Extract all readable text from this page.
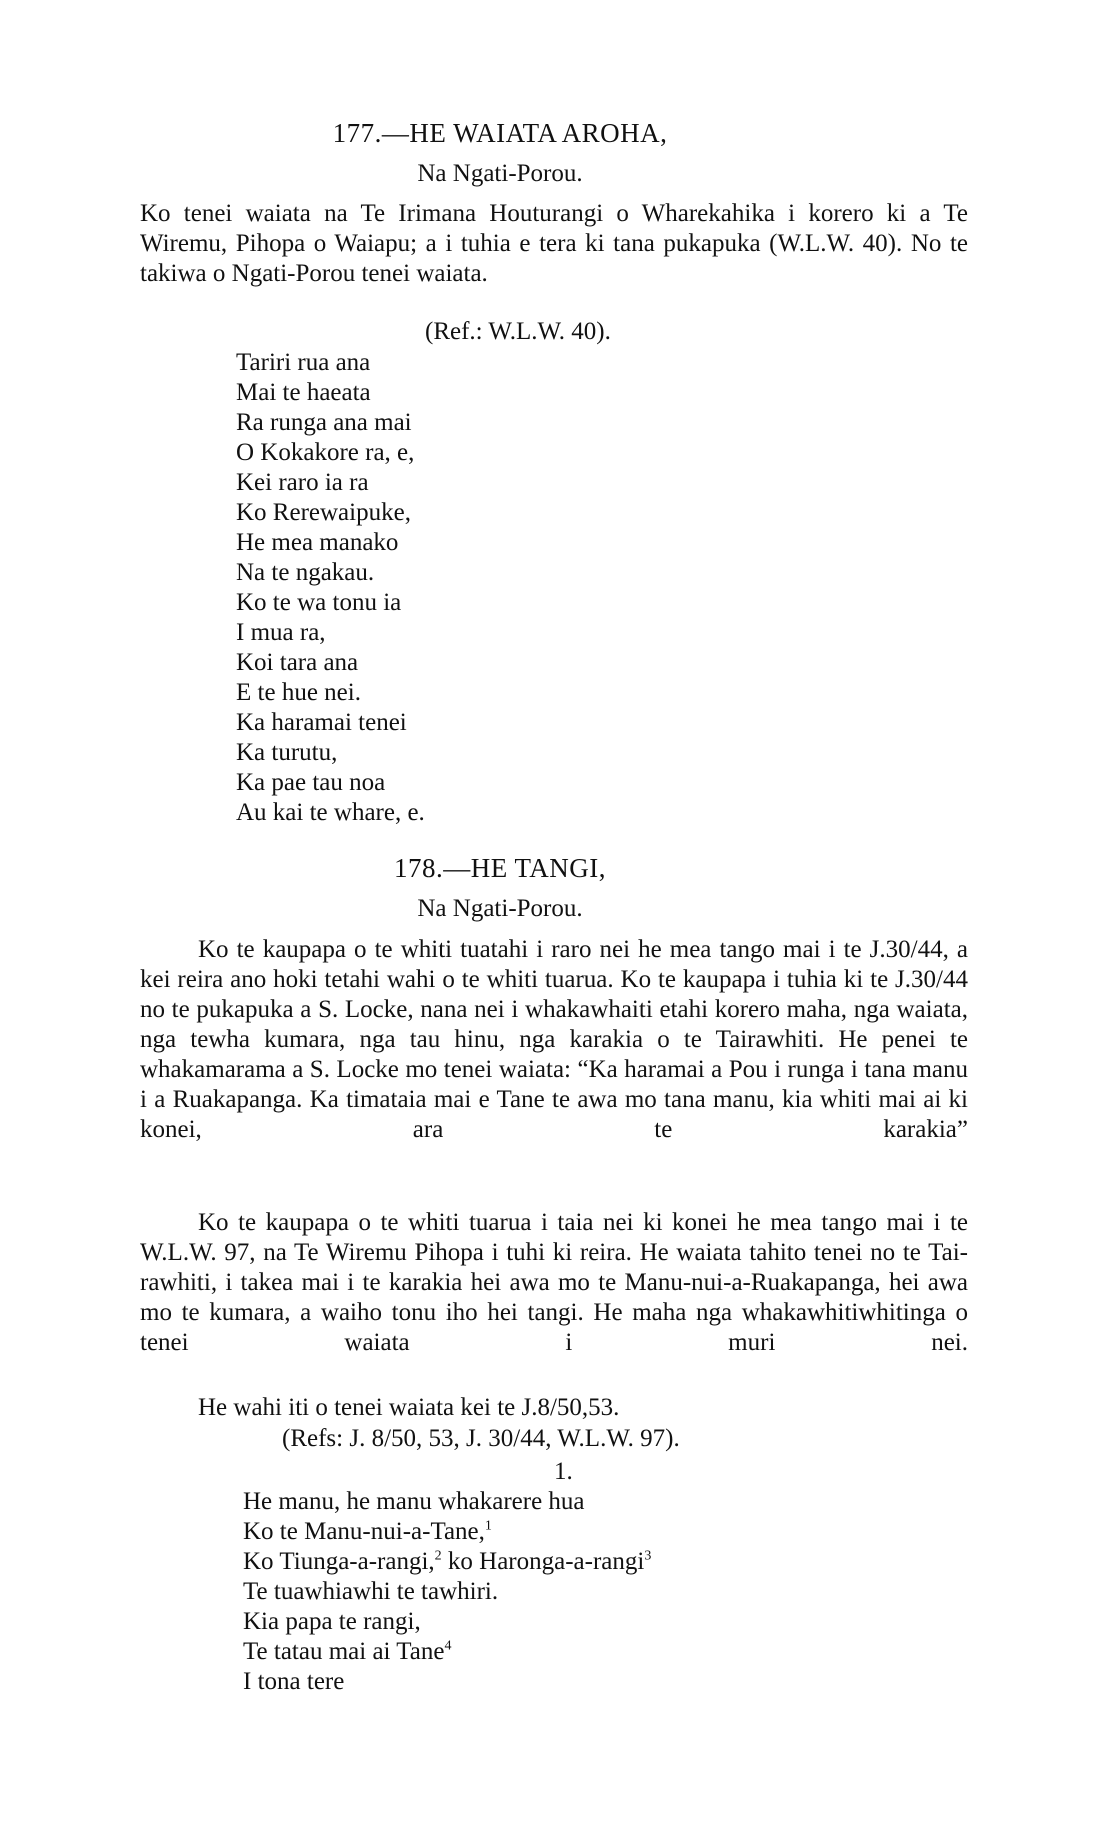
177.—HE WAIATA AROHA,
Na Ngati-Porou.
Ko tenei waiata na Te Irimana Houturangi o Wharekahika i korero ki a Te Wiremu, Pihopa o Waiapu; a i tuhia e tera ki tana pukapuka (W.L.W. 40). No te takiwa o Ngati-Porou tenei waiata.
(Ref.: W.L.W. 40).
Tariri rua ana
Mai te haeata
Ra runga ana mai
O Kokakore ra, e,
Kei raro ia ra
Ko Rerewaipuke,
He mea manako
Na te ngakau.
Ko te wa tonu ia
I mua ra,
Koi tara ana
E te hue nei.
Ka haramai tenei
Ka turutu,
Ka pae tau noa
Au kai te whare, e.
178.—HE TANGI,
Na Ngati-Porou.
Ko te kaupapa o te whiti tuatahi i raro nei he mea tango mai i te J.30/44, a kei reira ano hoki tetahi wahi o te whiti tuarua. Ko te kaupapa i tuhia ki te J.30/44 no te pukapuka a S. Locke, nana nei i whakawhaiti etahi korero maha, nga waiata, nga tewha kumara, nga tau hinu, nga karakia o te Tairawhiti. He penei te whakamarama a S. Locke mo tenei waiata: “Ka haramai a Pou i runga i tana manu i a Ruakapanga. Ka timataia mai e Tane te awa mo tana manu, kia whiti mai ai ki konei, ara te karakia”
Ko te kaupapa o te whiti tuarua i taia nei ki konei he mea tango mai i te W.L.W. 97, na Te Wiremu Pihopa i tuhi ki reira. He waiata tahito tenei no te Tai-rawhiti, i takea mai i te karakia hei awa mo te Manu-nui-a-Ruakapanga, hei awa mo te kumara, a waiho tonu iho hei tangi. He maha nga whakawhitiwhitinga o tenei waiata i muri nei.
He wahi iti o tenei waiata kei te J.8/50,53.
(Refs: J. 8/50, 53, J. 30/44, W.L.W. 97).
1.
He manu, he manu whakarere hua
Ko te Manu-nui-a-Tane,$^1$
Ko Tiunga-a-rangi,$^2$ ko Haronga-a-rangi$^3$
Te tuawhiawhi te tawhiri.
Kia papa te rangi,
Te tatau mai ai Tane$^4$
I tona tere
